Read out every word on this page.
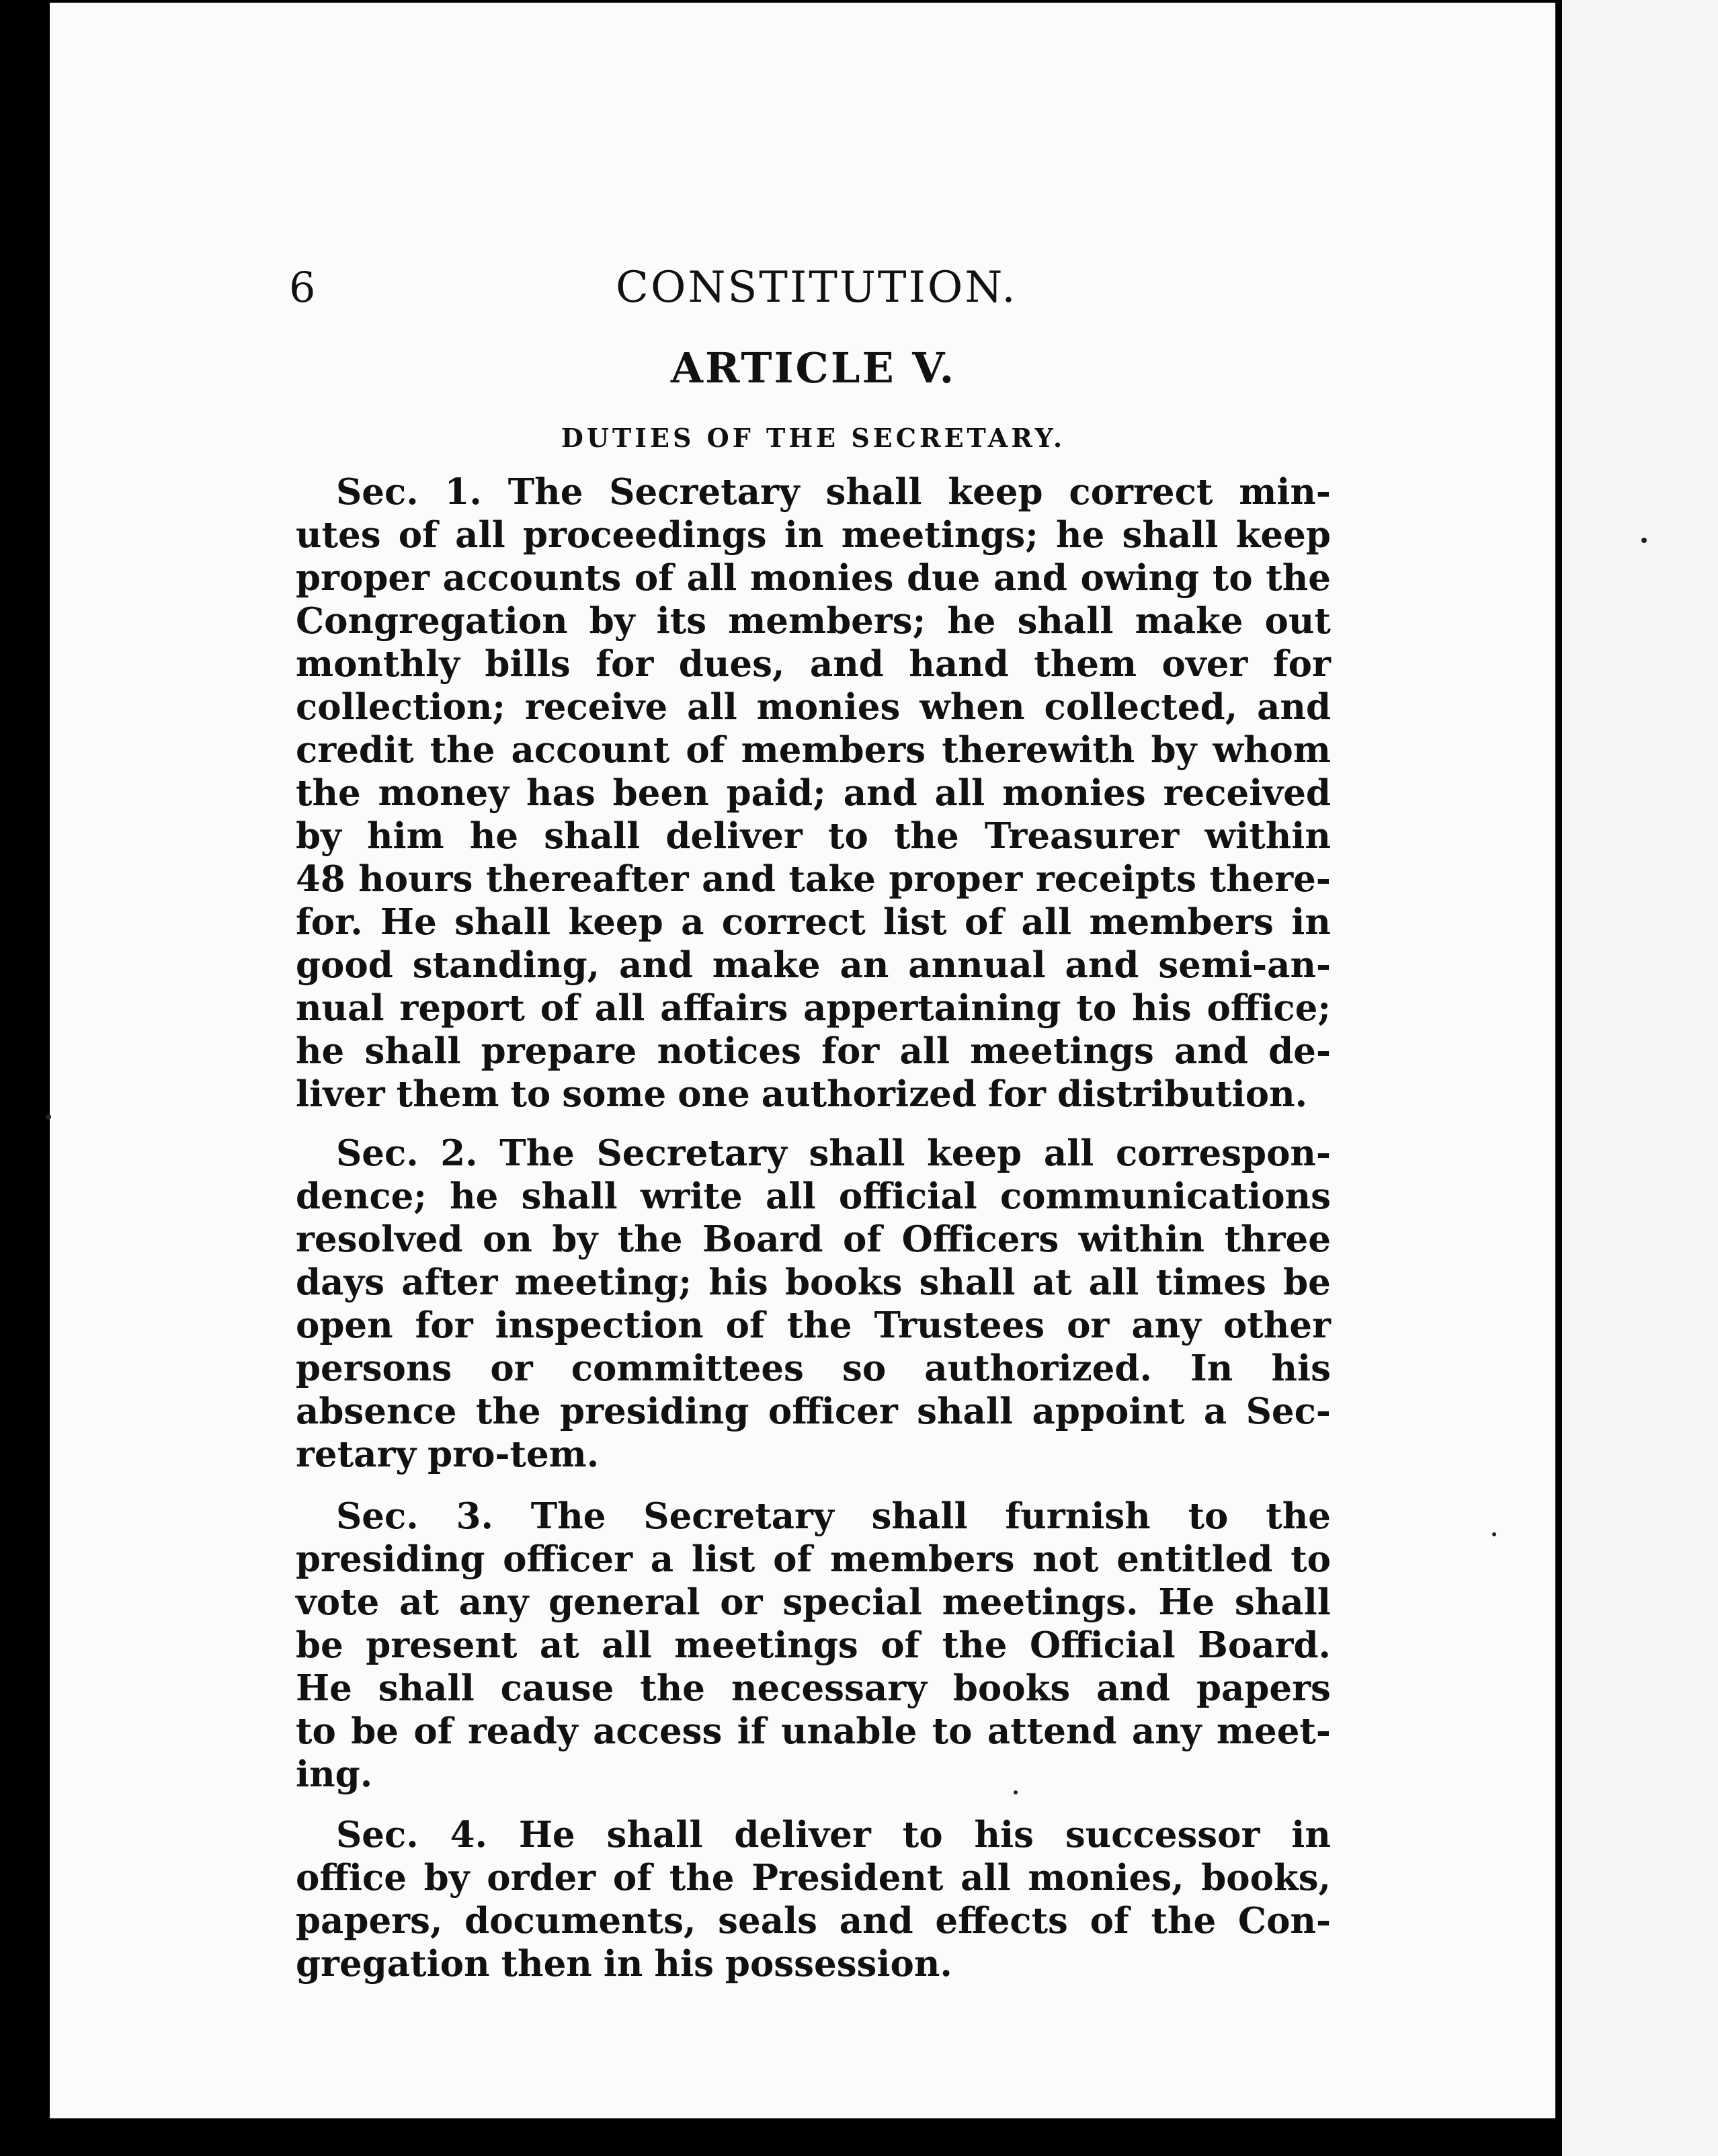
6	CONSTITUTION.
ARTICLE V.
DUTIES OF THE SECRETARY.
Sec. 1. The Secretary shall keep correct min-
utes of all proceedings in meetings; he shall keep
proper accounts of all monies due and owing to the
Congregation by its members; he shall make out
monthly bills for dues, and hand them over for
collection; receive all monies when collected, and
credit the account of members therewith by whom
the money has been paid; and all monies received
by him he shall deliver to the Treasurer within
48 hours thereafter and take proper receipts there-
for. He shall keep a correct list of all members in
good standing, and make an annual and semi-an-
nual report of all affairs appertaining to his office;
he shall prepare notices for all meetings and de-
liver them to some one authorized for distribution.
Sec. 2. The Secretary shall keep all correspon-
dence; he shall write all official communications
resolved on by the Board of Officers within three
days after meeting; his books shall at all times be
open for inspection of the Trustees or any other
persons or committees so authorized. In his
absence the presiding officer shall appoint a Sec-
retary pro-tem.
Sec. 3. The Secretary shall furnish to the
presiding officer a list of members not entitled to
vote at any general or special meetings. He shall
be present at all meetings of the Official Board.
He shall cause the necessary books and papers
to be of ready access if unable to attend any meet-
ing.
Sec. 4. He shall deliver to his successor in
office by order of the President all monies, books,
papers, documents, seals and effects of the Con-
gregation then in his possession.
